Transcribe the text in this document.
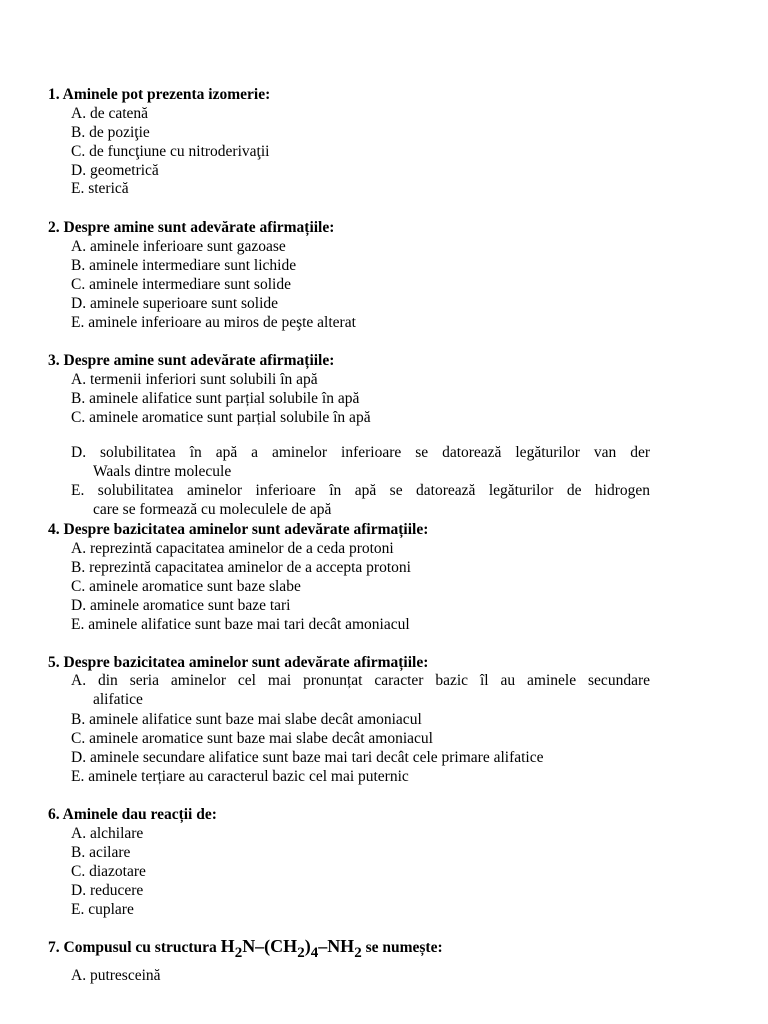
1. Aminele pot prezenta izomerie:
A. de catenă
B. de poziţie
C. de funcţiune cu nitroderivaţii
D. geometrică
E. sterică
2. Despre amine sunt adevărate afirmațiile:
A. aminele inferioare sunt gazoase
B. aminele intermediare sunt lichide
C. aminele intermediare sunt solide
D. aminele superioare sunt solide
E. aminele inferioare au miros de peşte alterat
3. Despre amine sunt adevărate afirmațiile:
A. termenii inferiori sunt solubili în apă
B. aminele alifatice sunt parțial solubile în apă
C. aminele aromatice sunt parțial solubile în apă
D. solubilitatea în apă a aminelor inferioare se datorează legăturilor van der
Waals dintre molecule
E. solubilitatea aminelor inferioare în apă se datorează legăturilor de hidrogen
care se formează cu moleculele de apă
4. Despre bazicitatea aminelor sunt adevărate afirmațiile:
A. reprezintă capacitatea aminelor de a ceda protoni
B. reprezintă capacitatea aminelor de a accepta protoni
C. aminele aromatice sunt baze slabe
D. aminele aromatice sunt baze tari
E. aminele alifatice sunt baze mai tari decât amoniacul
5. Despre bazicitatea aminelor sunt adevărate afirmațiile:
A. din seria aminelor cel mai pronunțat caracter bazic îl au aminele secundare
alifatice
B. aminele alifatice sunt baze mai slabe decât amoniacul
C. aminele aromatice sunt baze mai slabe decât amoniacul
D. aminele secundare alifatice sunt baze mai tari decât cele primare alifatice
E. aminele terțiare au caracterul bazic cel mai puternic
6. Aminele dau reacții de:
A. alchilare
B. acilare
C. diazotare
D. reducere
E. cuplare
7. Compusul cu structura $H_2N-(CH_2)_4-NH_2$ se numește:
A. putresceină
